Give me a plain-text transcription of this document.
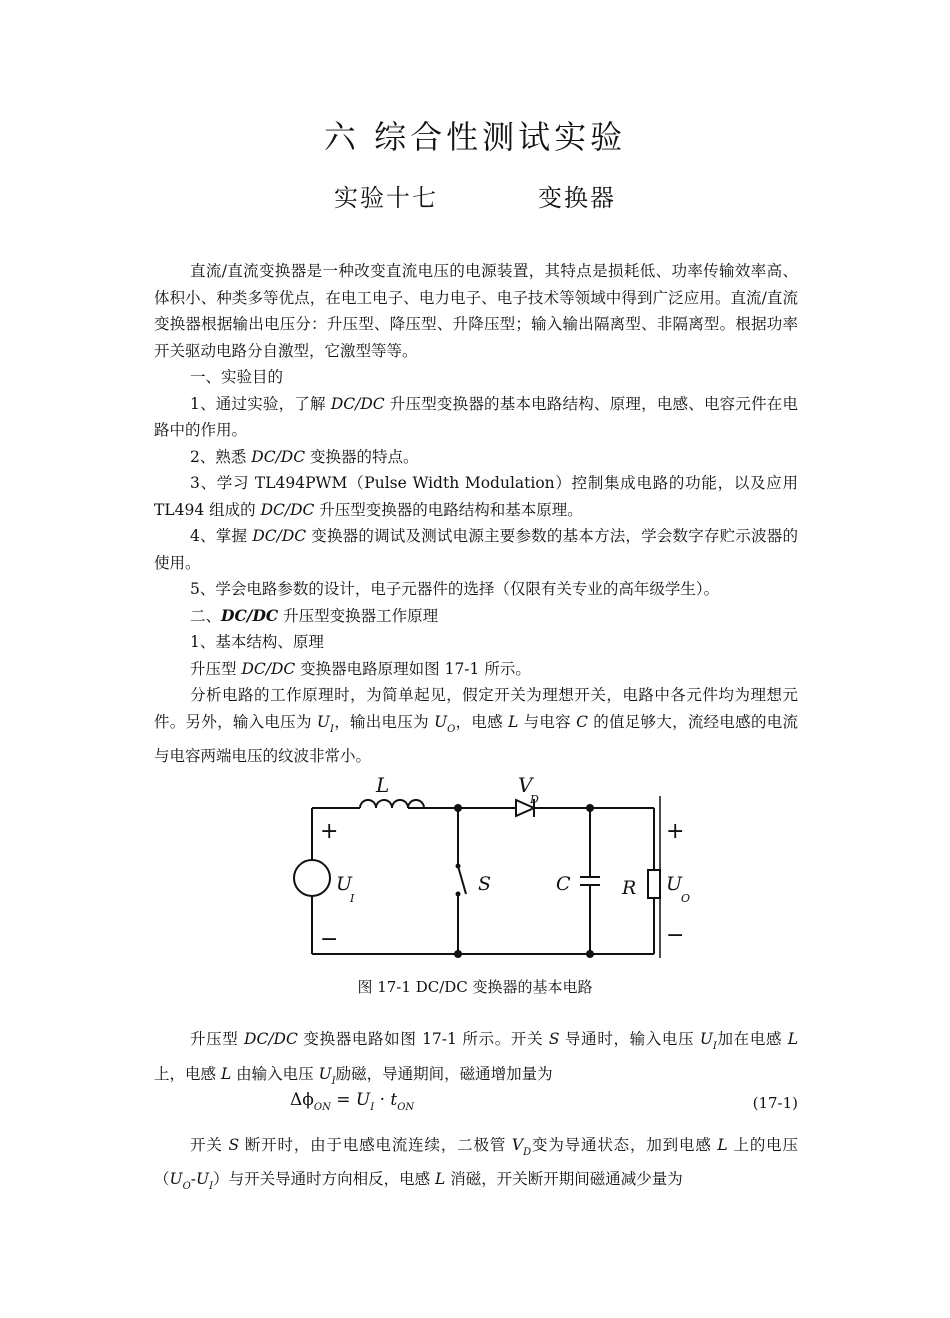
六 综合性测试实验
实验十七	变换器

直流/直流变换器是一种改变直流电压的电源装置，其特点是损耗低、功率传输效率高、体积小、种类多等优点，在电工电子、电力电子、电子技术等领域中得到广泛应用。直流/直流变换器根据输出电压分：升压型、降压型、升降压型；输入输出隔离型、非隔离型。根据功率开关驱动电路分自激型，它激型等等。

一、实验目的

1、通过实验，了解 DC/DC 升压型变换器的基本电路结构、原理，电感、电容元件在电路中的作用。

2、熟悉 DC/DC 变换器的特点。

3、学习 TL494PWM（Pulse Width Modulation）控制集成电路的功能，以及应用 TL494 组成的 DC/DC 升压型变换器的电路结构和基本原理。

4、掌握 DC/DC 变换器的调试及测试电源主要参数的基本方法，学会数字存贮示波器的使用。

5、学会电路参数的设计，电子元器件的选择（仅限有关专业的高年级学生）。

二、DC/DC 升压型变换器工作原理

1、基本结构、原理

升压型 DC/DC 变换器电路原理如图 17-1 所示。

分析电路的工作原理时，为简单起见，假定开关为理想开关，电路中各元件均为理想元件。另外，输入电压为 $U_I$，输出电压为 $U_O$，电感 L 与电容 C 的值足够大，流经电感的电流与电容两端电压的纹波非常小。

L	V
D
S	C	R
U
I
U
O
+
−
+
−
图 17-1 DC/DC 变换器的基本电路

升压型 DC/DC 变换器电路如图 17-1 所示。开关 S 导通时，输入电压 $U_I$加在电感 L 上，电感 L 由输入电压 $U_I$励磁，导通期间，磁通增加量为

$\Delta\phi_{ON} = U_I \cdot t_{ON}$	(17-1)

开关 S 断开时，由于电感电流连续，二极管 $V_D$变为导通状态，加到电感 L 上的电压$(U_O-U_I)$与开关导通时方向相反，电感 L 消磁，开关断开期间磁通减少量为
